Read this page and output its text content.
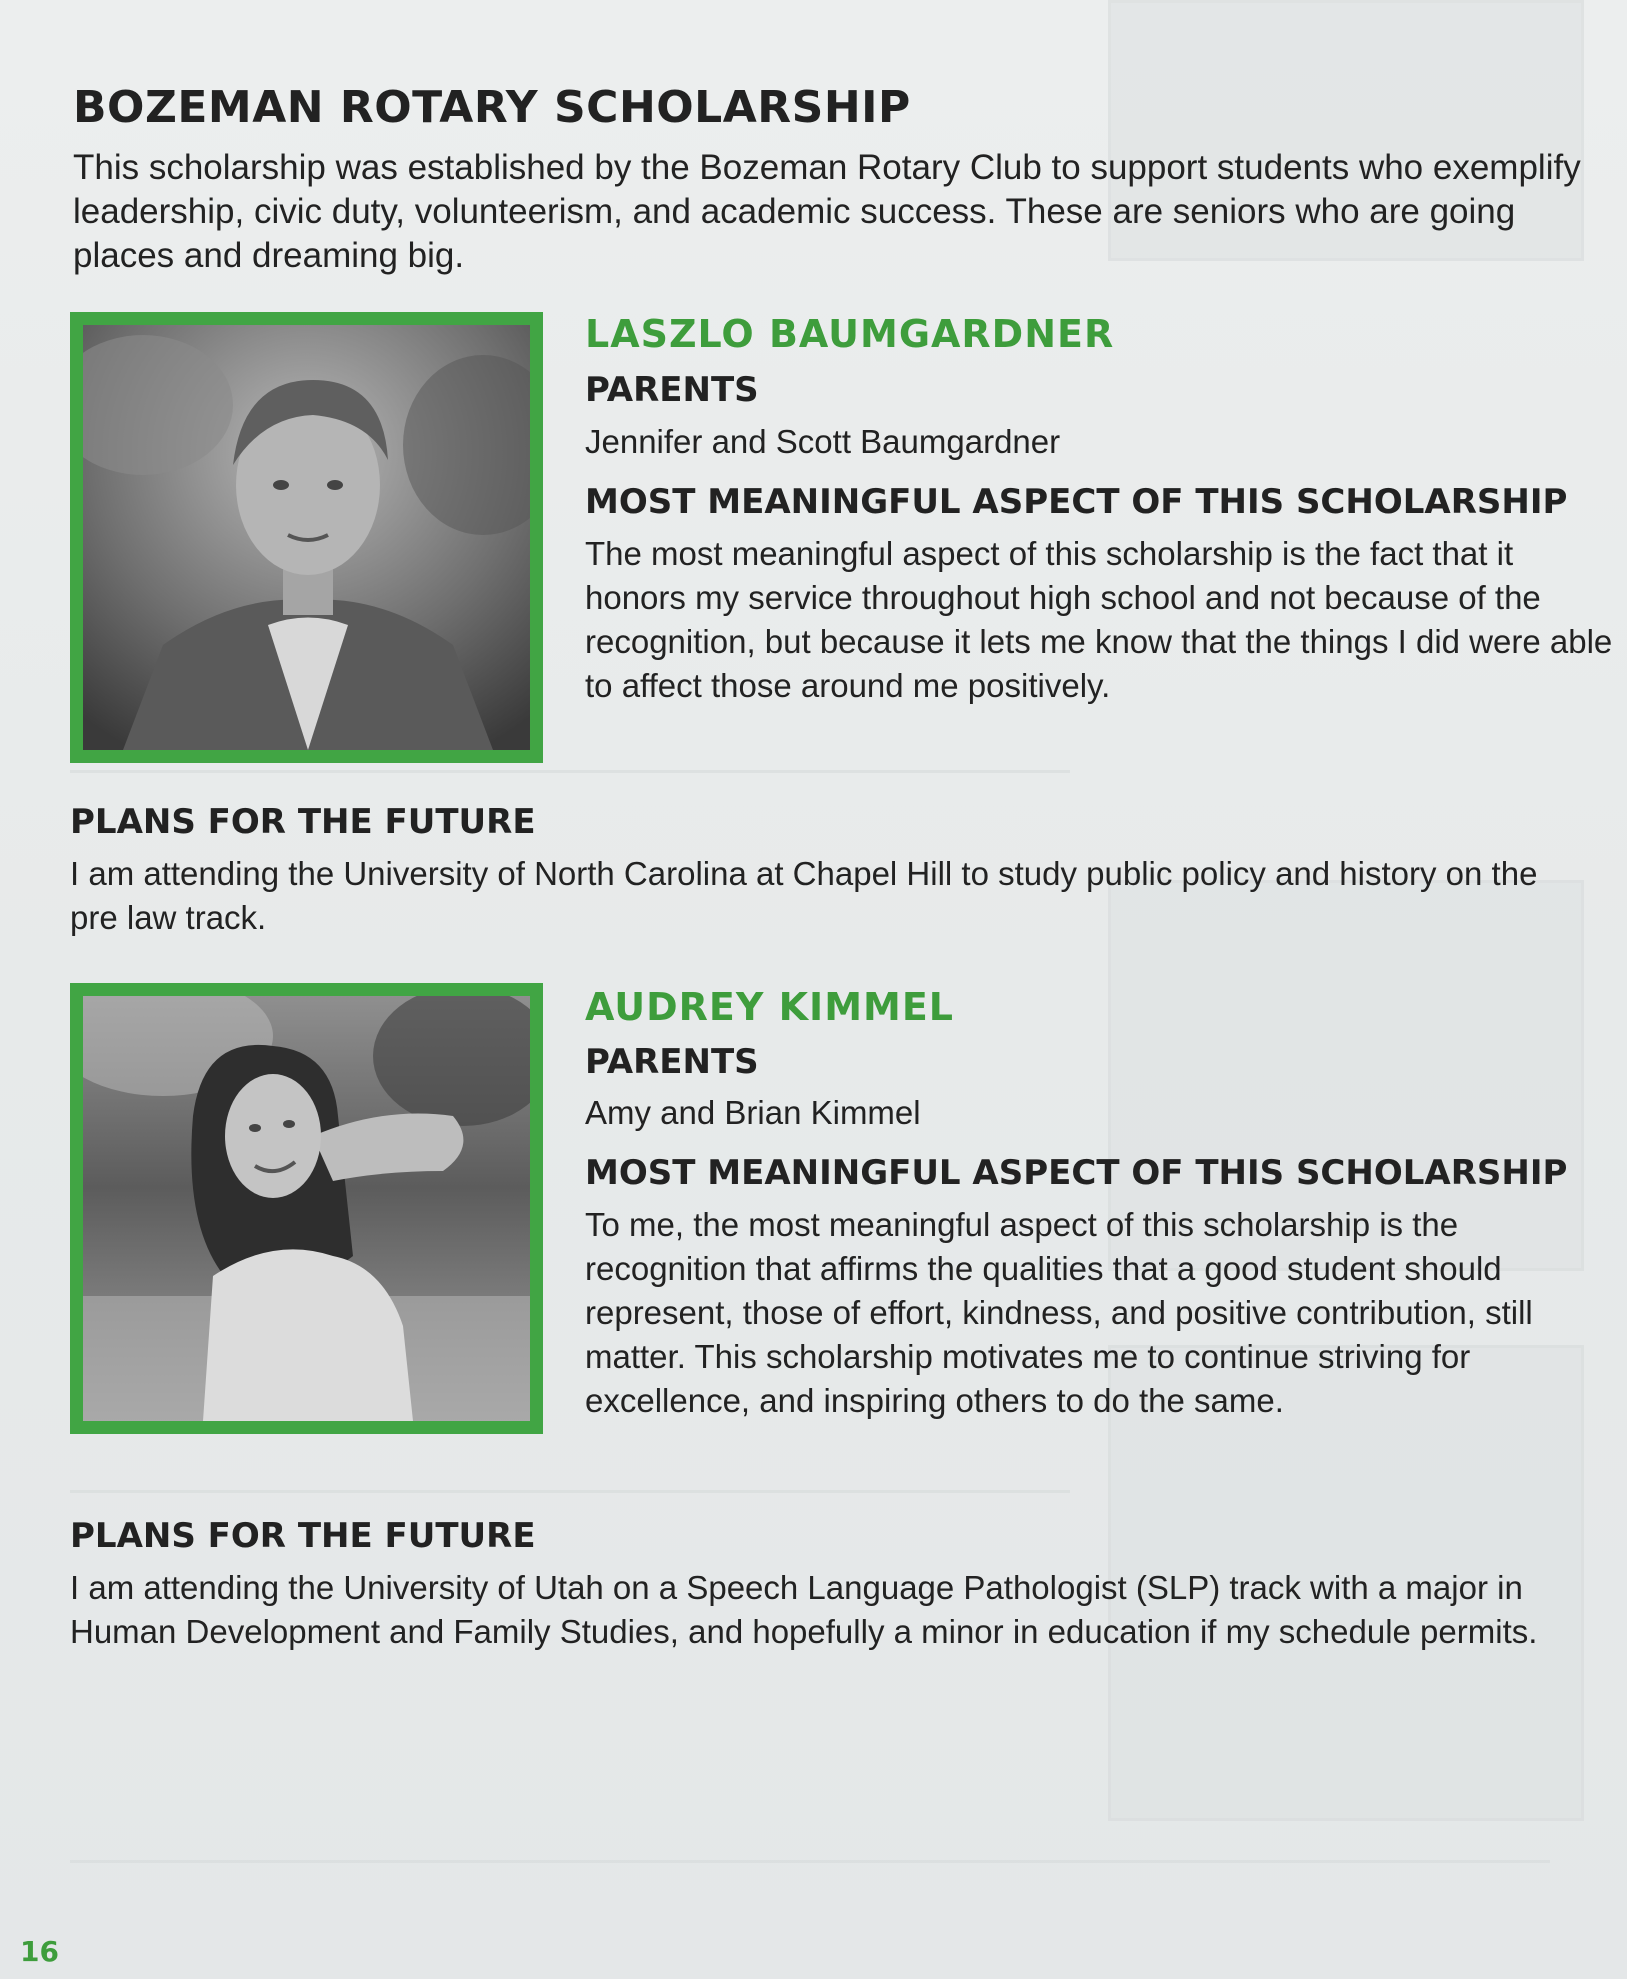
BOZEMAN ROTARY SCHOLARSHIP

This scholarship was established by the Bozeman Rotary Club to support students who exemplify leadership, civic duty, volunteerism, and academic success. These are seniors who are going places and dreaming big.

LASZLO BAUMGARDNER
PARENTS

Jennifer and Scott Baumgardner

MOST MEANINGFUL ASPECT OF THIS SCHOLARSHIP

The most meaningful aspect of this scholarship is the fact that it honors my service throughout high school and not because of the recognition, but because it lets me know that the things I did were able to affect those around me positively.

PLANS FOR THE FUTURE

I am attending the University of North Carolina at Chapel Hill to study public policy and history on the pre law track.

AUDREY KIMMEL
PARENTS

Amy and Brian Kimmel

MOST MEANINGFUL ASPECT OF THIS SCHOLARSHIP

To me, the most meaningful aspect of this scholarship is the recognition that affirms the qualities that a good student should represent, those of effort, kindness, and positive contribution, still matter. This scholarship motivates me to continue striving for excellence, and inspiring others to do the same.

PLANS FOR THE FUTURE

I am attending the University of Utah on a Speech Language Pathologist (SLP) track with a major in Human Development and Family Studies, and hopefully a minor in education if my schedule permits.

16
